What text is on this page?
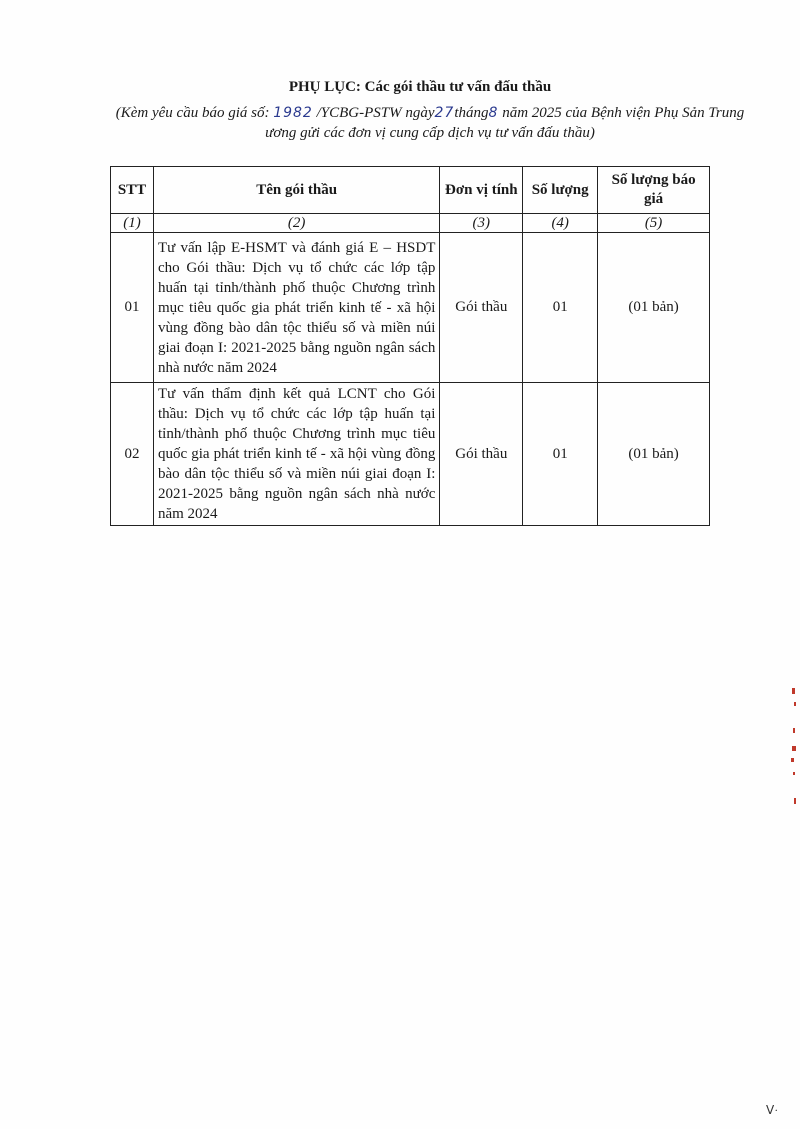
PHỤ LỤC: Các gói thầu tư vấn đấu thầu
(Kèm yêu cầu báo giá số: 1982 /YCBG-PSTW ngày27tháng8 năm 2025 của Bệnh viện Phụ Sản Trung ương gửi các đơn vị cung cấp dịch vụ tư vấn đấu thầu)
STT	Tên gói thầu	Đơn vị tính	Số lượng	Số lượng báo giá
(1)	(2)	(3)	(4)	(5)
01	Tư vấn lập E-HSMT và đánh giá E – HSDT cho Gói thầu: Dịch vụ tổ chức các lớp tập huấn tại tỉnh/thành phố thuộc Chương trình mục tiêu quốc gia phát triển kinh tế - xã hội vùng đồng bào dân tộc thiểu số và miền núi giai đoạn I: 2021-2025 bằng nguồn ngân sách nhà nước năm 2024	Gói thầu	01	(01 bản)
02	Tư vấn thẩm định kết quả LCNT cho Gói thầu: Dịch vụ tổ chức các lớp tập huấn tại tỉnh/thành phố thuộc Chương trình mục tiêu quốc gia phát triển kinh tế - xã hội vùng đồng bào dân tộc thiểu số và miền núi giai đoạn I: 2021-2025 bằng nguồn ngân sách nhà nước năm 2024	Gói thầu	01	(01 bản)
ᐯ·
